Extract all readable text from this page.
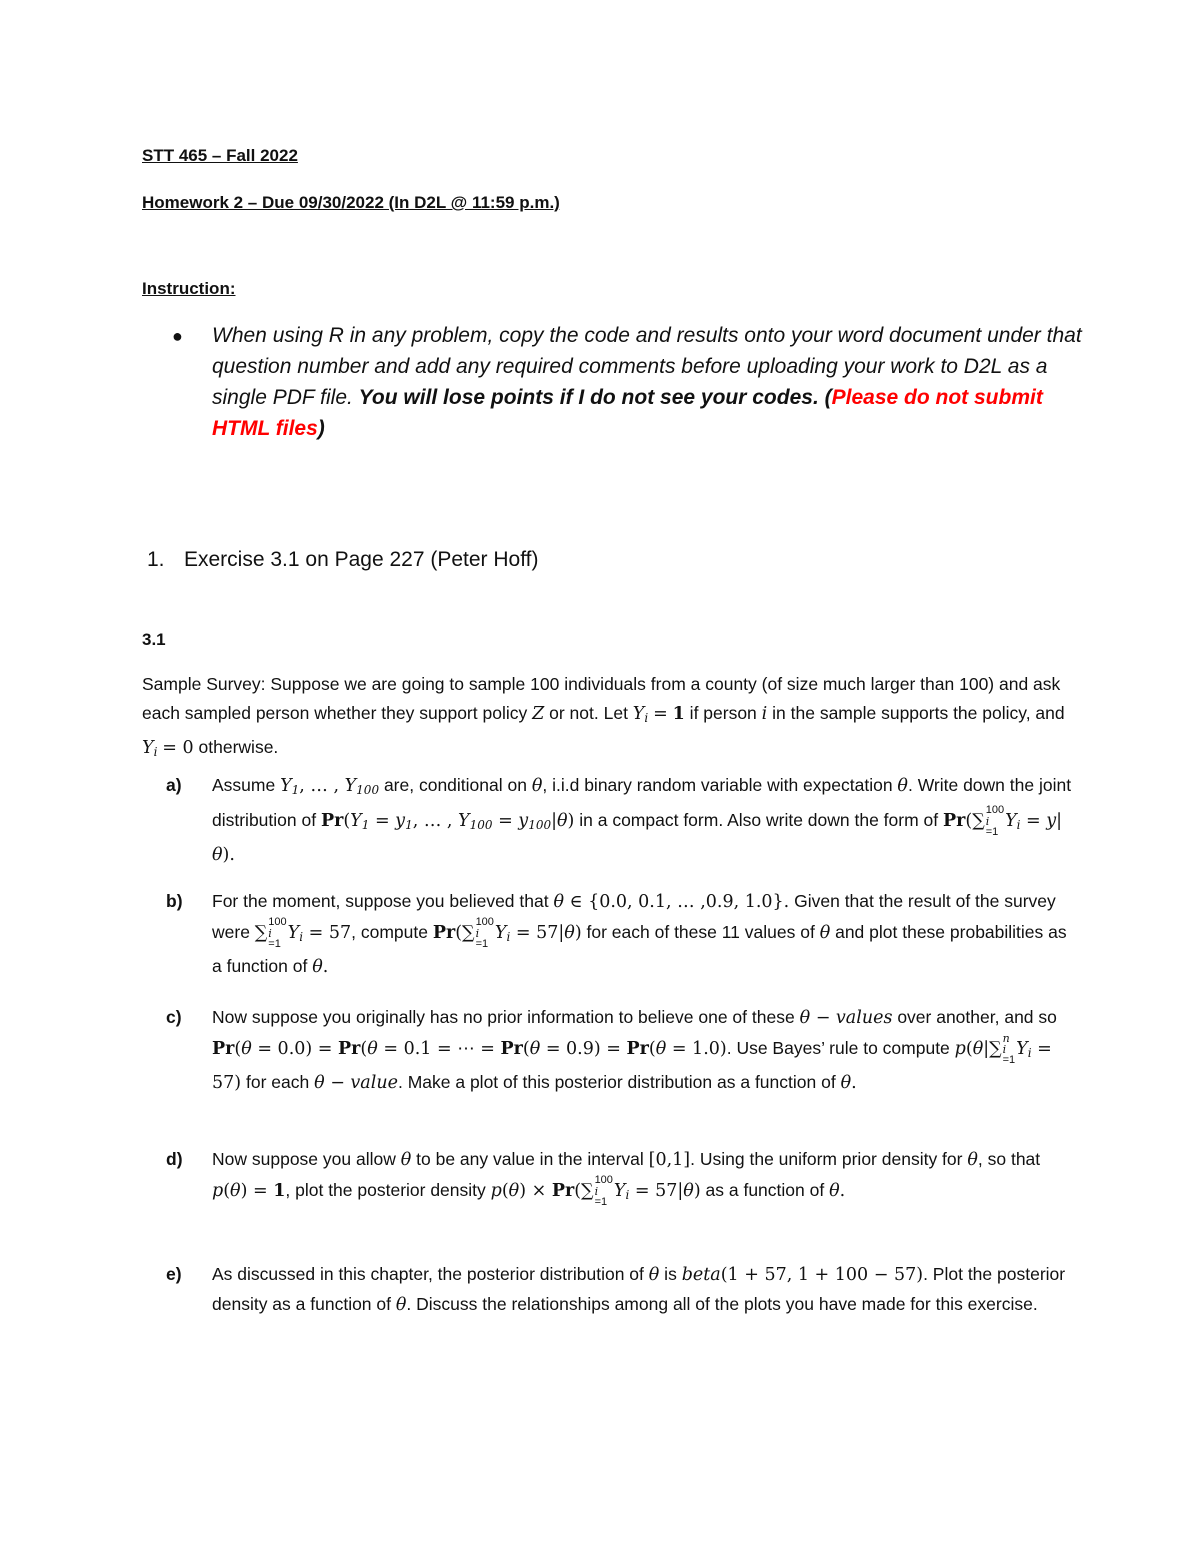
STT 465 – Fall 2022
Homework 2 – Due 09/30/2022 (In D2L @ 11:59 p.m.)
Instruction:
● When using R in any problem, copy the code and results onto your word document under that question number and add any required comments before uploading your work to D2L as a single PDF file. You will lose points if I do not see your codes. (Please do not submit HTML files)
1. Exercise 3.1 on Page 227 (Peter Hoff)
3.1
Sample Survey: Suppose we are going to sample 100 individuals from a county (of size much larger than 100) and ask each sampled person whether they support policy Z or not. Let Yi = 1 if person i in the sample supports the policy, and Yi = 0 otherwise.
a) Assume Y1, … , Y100 are, conditional on θ, i.i.d binary random variable with expectation θ. Write down the joint distribution of Pr(Y1 = y1, … , Y100 = y100|θ) in a compact form. Also write down the form of Pr(∑
100
i
=1Yi = y|θ).
b) For the moment, suppose you believed that θ ∈ {0.0, 0.1, … ,0.9, 1.0}. Given that the result of the survey were ∑
100
i
=1Yi = 57, compute Pr(∑
100
i
=1Yi = 57|θ) for each of these 11 values of θ and plot these probabilities as a function of θ.
c) Now suppose you originally has no prior information to believe one of these θ − values over another, and so Pr(θ = 0.0) = Pr(θ = 0.1 = ⋯ = Pr(θ = 0.9) = Pr(θ = 1.0). Use Bayes’ rule to compute p(θ|∑
n
i
=1Yi = 57) for each θ − value. Make a plot of this posterior distribution as a function of θ.
d) Now suppose you allow θ to be any value in the interval [0,1]. Using the uniform prior density for θ, so that p(θ) = 1, plot the posterior density p(θ) × Pr(∑
100
i
=1Yi = 57|θ) as a function of θ.
e) As discussed in this chapter, the posterior distribution of θ is beta(1 + 57, 1 + 100 − 57). Plot the posterior density as a function of θ. Discuss the relationships among all of the plots you have made for this exercise.
